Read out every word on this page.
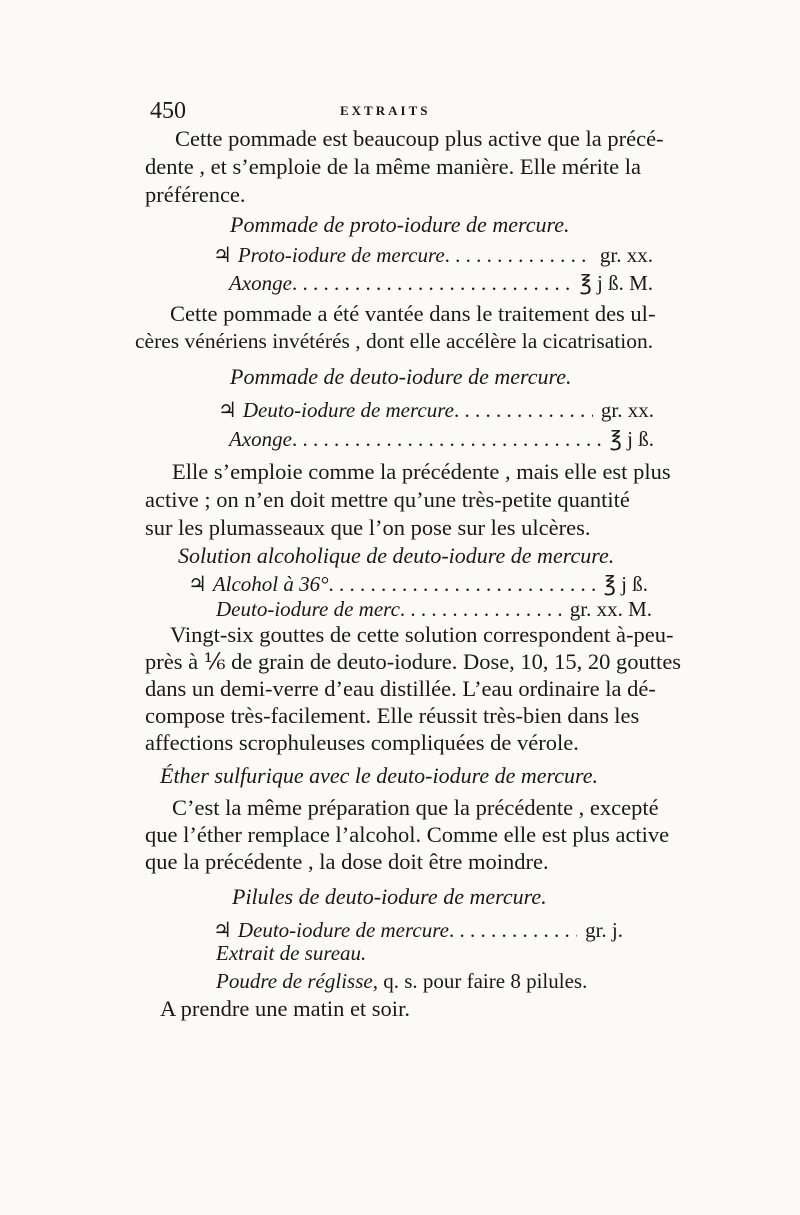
450	EXTRAITS
Cette pommade est beaucoup plus active que la précé-
dente , et s’emploie de la même manière. Elle mérite la
préférence.
Pommade de proto-iodure de mercure.
♃ Proto-iodure de mercure . . .	gr. xx.
Axonge . . .	℥ j ß. M.
Cette pommade a été vantée dans le traitement des ul-
cères vénériens invétérés , dont elle accélère la cicatrisation.
Pommade de deuto-iodure de mercure.
♃ Deuto-iodure de mercure . . .	gr. xx.
Axonge . . .	℥ j ß.
Elle s’emploie comme la précédente , mais elle est plus
active ; on n’en doit mettre qu’une très-petite quantité
sur les plumasseaux que l’on pose sur les ulcères.
Solution alcoholique de deuto-iodure de mercure.
♃ Alcohol à 36° . . .	℥ j ß.
Deuto-iodure de merc . . .	gr. xx. M.
Vingt-six gouttes de cette solution correspondent à-peu-
près à ⅙ de grain de deuto-iodure. Dose, 10, 15, 20 gouttes
dans un demi-verre d’eau distillée. L’eau ordinaire la dé-
compose très-facilement. Elle réussit très-bien dans les
affections scrophuleuses compliquées de vérole.
Éther sulfurique avec le deuto-iodure de mercure.
C’est la même préparation que la précédente , excepté
que l’éther remplace l’alcohol. Comme elle est plus active
que la précédente , la dose doit être moindre.
Pilules de deuto-iodure de mercure.
♃ Deuto-iodure de mercure . . .	gr. j.
Extrait de sureau.
Poudre de réglisse, q. s. pour faire 8 pilules.
A prendre une matin et soir.
